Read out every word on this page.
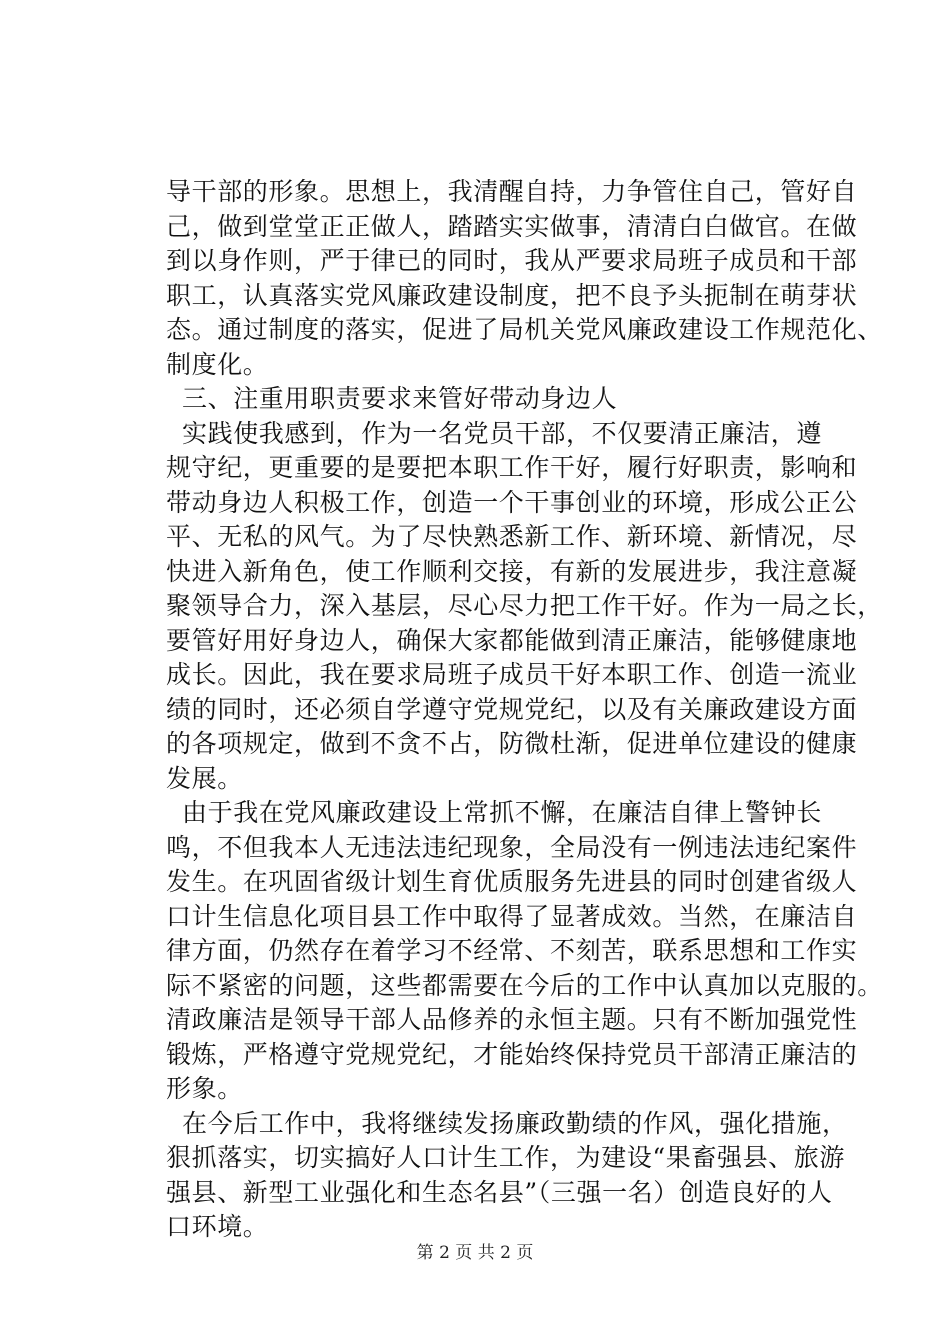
导干部的形象。思想上，我清醒自持，力争管住自己，管好自
己，做到堂堂正正做人，踏踏实实做事，清清白白做官。在做
到以身作则，严于律已的同时，我从严要求局班子成员和干部
职工，认真落实党风廉政建设制度，把不良予头扼制在萌芽状
态。通过制度的落实，促进了局机关党风廉政建设工作规范化、
制度化。
三、注重用职责要求来管好带动身边人
实践使我感到，作为一名党员干部，不仅要清正廉洁，遵
规守纪，更重要的是要把本职工作干好，履行好职责，影响和
带动身边人积极工作，创造一个干事创业的环境，形成公正公
平、无私的风气。为了尽快熟悉新工作、新环境、新情况，尽
快进入新角色，使工作顺利交接，有新的发展进步，我注意凝
聚领导合力，深入基层，尽心尽力把工作干好。作为一局之长，
要管好用好身边人，确保大家都能做到清正廉洁，能够健康地
成长。因此，我在要求局班子成员干好本职工作、创造一流业
绩的同时，还必须自学遵守党规党纪，以及有关廉政建设方面
的各项规定，做到不贪不占，防微杜渐，促进单位建设的健康
发展。
由于我在党风廉政建设上常抓不懈，在廉洁自律上警钟长
鸣，不但我本人无违法违纪现象，全局没有一例违法违纪案件
发生。在巩固省级计划生育优质服务先进县的同时创建省级人
口计生信息化项目县工作中取得了显著成效。当然，在廉洁自
律方面，仍然存在着学习不经常、不刻苦，联系思想和工作实
际不紧密的问题，这些都需要在今后的工作中认真加以克服的。
清政廉洁是领导干部人品修养的永恒主题。只有不断加强党性
锻炼，严格遵守党规党纪，才能始终保持党员干部清正廉洁的
形象。
在今后工作中，我将继续发扬廉政勤绩的作风，强化措施，
狠抓落实，切实搞好人口计生工作，为建设“果畜强县、旅游
强县、新型工业强化和生态名县”（三强一名）创造良好的人
口环境。
第 2 页 共 2 页
